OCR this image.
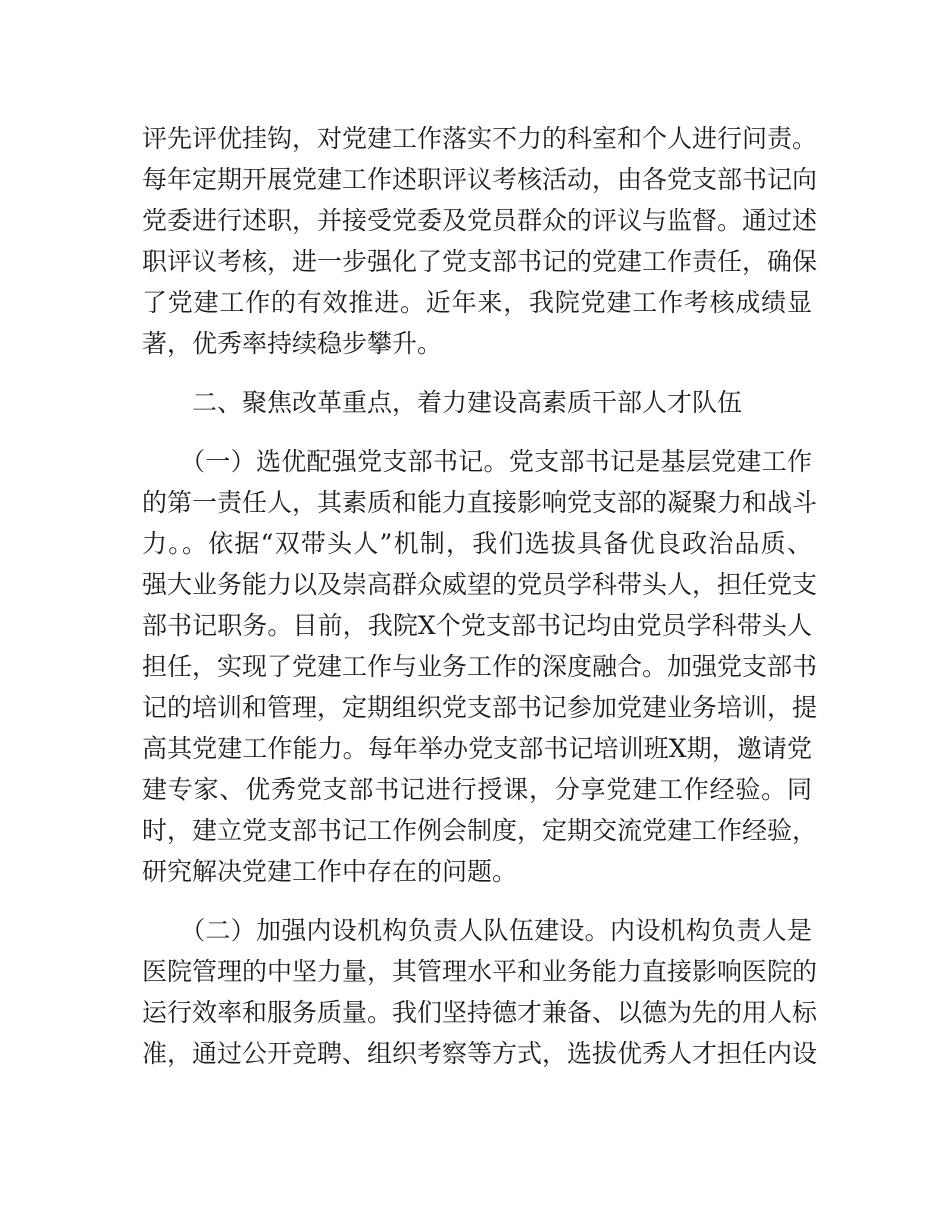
评先评优挂钩，对党建工作落实不力的科室和个人进行问责。
每年定期开展党建工作述职评议考核活动，由各党支部书记向
党委进行述职，并接受党委及党员群众的评议与监督。通过述
职评议考核，进一步强化了党支部书记的党建工作责任，确保
了党建工作的有效推进。近年来，我院党建工作考核成绩显
著，优秀率持续稳步攀升。
　　二、聚焦改革重点，着力建设高素质干部人才队伍
　　（一）选优配强党支部书记。党支部书记是基层党建工作
的第一责任人，其素质和能力直接影响党支部的凝聚力和战斗
力。。依据“双带头人”机制，我们选拔具备优良政治品质、
强大业务能力以及崇高群众威望的党员学科带头人，担任党支
部书记职务。目前，我院X个党支部书记均由党员学科带头人
担任，实现了党建工作与业务工作的深度融合。加强党支部书
记的培训和管理，定期组织党支部书记参加党建业务培训，提
高其党建工作能力。每年举办党支部书记培训班X期，邀请党
建专家、优秀党支部书记进行授课，分享党建工作经验。同
时，建立党支部书记工作例会制度，定期交流党建工作经验，
研究解决党建工作中存在的问题。
　　（二）加强内设机构负责人队伍建设。内设机构负责人是
医院管理的中坚力量，其管理水平和业务能力直接影响医院的
运行效率和服务质量。我们坚持德才兼备、以德为先的用人标
准，通过公开竞聘、组织考察等方式，选拔优秀人才担任内设
